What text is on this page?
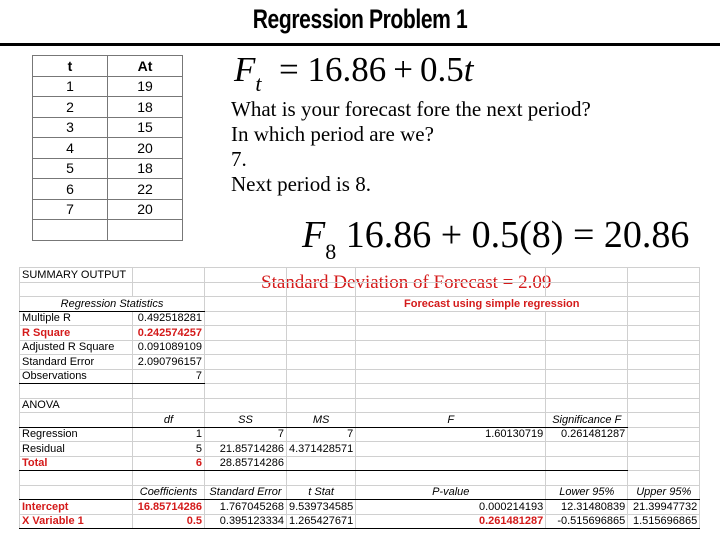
Regression Problem 1
t	At
1	19
2	18
3	15
4	20
5	18
6	22
7	20

$F_t = 16.86 + 0.5t$
What is your forecast fore the next period?
In which period are we?
7.
Next period is 8.
$F_8$ 16.86 + 0.5(8) = 20.86
Standard Deviation of Forecast = 2.09
SUMMARY OUTPUT						

Regression Statistics				Forecast using simple regression		
Multiple R	0.492518281					
R Square	0.242574257					
Adjusted R Square	0.091089109					
Standard Error	2.090796157					
Observations	7					

ANOVA						
	df	SS	MS	F	Significance F	
Regression	1	7	7	1.60130719	0.261481287	
Residual	5	21.85714286	4.371428571			
Total	6	28.85714286				

	Coefficients	Standard Error	t Stat	P-value	Lower 95%	Upper 95%
Intercept	16.85714286	1.767045268	9.539734585	0.000214193	12.31480839	21.39947732
X Variable 1	0.5	0.395123334	1.265427671	0.261481287	-0.515696865	1.515696865
